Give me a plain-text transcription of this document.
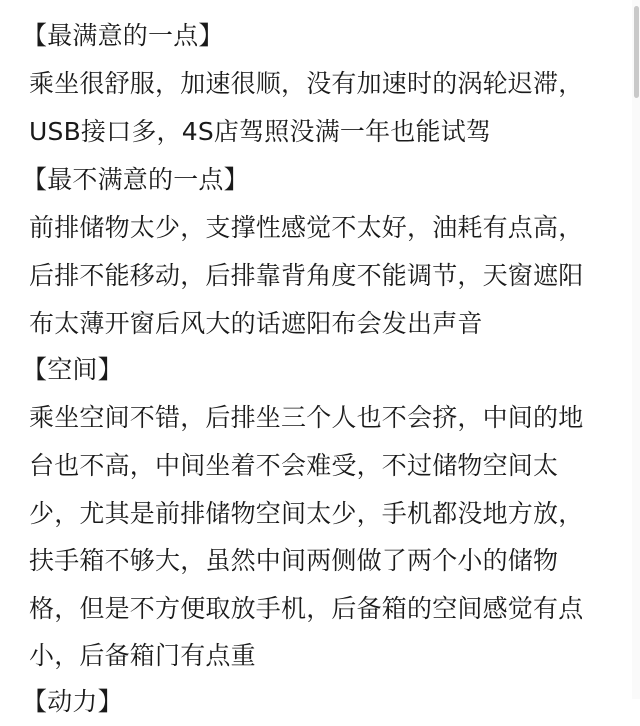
【最满意的一点】
乘坐很舒服，加速很顺，没有加速时的涡轮迟滞，
USB接口多，4S店驾照没满一年也能试驾
【最不满意的一点】
前排储物太少，支撑性感觉不太好，油耗有点高，
后排不能移动，后排靠背角度不能调节，天窗遮阳
布太薄开窗后风大的话遮阳布会发出声音
【空间】
乘坐空间不错，后排坐三个人也不会挤，中间的地
台也不高，中间坐着不会难受，不过储物空间太
少，尤其是前排储物空间太少，手机都没地方放，
扶手箱不够大，虽然中间两侧做了两个小的储物
格，但是不方便取放手机，后备箱的空间感觉有点
小，后备箱门有点重
【动力】
